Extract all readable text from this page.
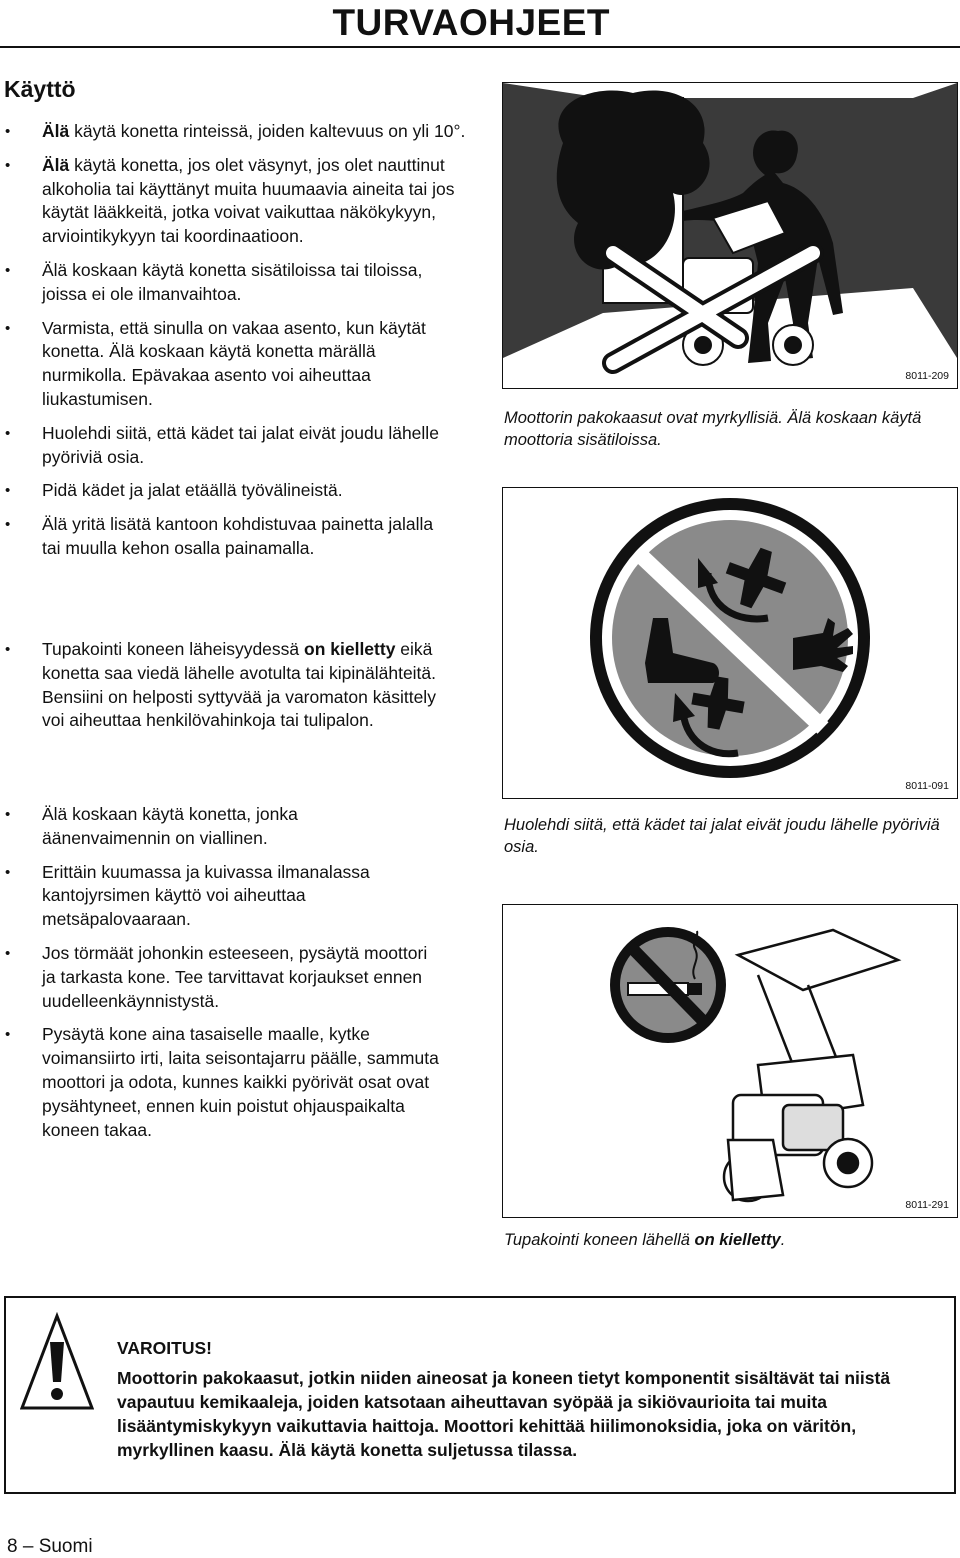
TURVAOHJEET
Käyttö
• Älä käytä konetta rinteissä, joiden kaltevuus on yli 10°.
• Älä käytä konetta, jos olet väsynyt, jos olet nauttinut alkoholia tai käyttänyt muita huumaavia aineita tai jos käytät lääkkeitä, jotka voivat vaikuttaa näkökykyyn, arviointikykyyn tai koordinaatioon.
• Älä koskaan käytä konetta sisätiloissa tai tiloissa, joissa ei ole ilmanvaihtoa.
• Varmista, että sinulla on vakaa asento, kun käytät konetta. Älä koskaan käytä konetta märällä nurmikolla. Epävakaa asento voi aiheuttaa liukastumisen.
• Huolehdi siitä, että kädet tai jalat eivät joudu lähelle pyöriviä osia.
• Pidä kädet ja jalat etäällä työvälineistä.
• Älä yritä lisätä kantoon kohdistuvaa painetta jalalla tai muulla kehon osalla painamalla.
• Tupakointi koneen läheisyydessä on kielletty eikä konetta saa viedä lähelle avotulta tai kipinälähteitä. Bensiini on helposti syttyvää ja varomaton käsittely voi aiheuttaa henkilövahinkoja tai tulipalon.
• Älä koskaan käytä konetta, jonka äänenvaimennin on viallinen.
• Erittäin kuumassa ja kuivassa ilmanalassa kantojyrsimen käyttö voi aiheuttaa metsäpalovaaraan.
• Jos törmäät johonkin esteeseen, pysäytä moottori ja tarkasta kone. Tee tarvittavat korjaukset ennen uudelleenkäynnistystä.
• Pysäytä kone aina tasaiselle maalle, kytke voimansiirto irti, laita seisontajarru päälle, sammuta moottori ja odota, kunnes kaikki pyörivät osat ovat pysähtyneet, ennen kuin poistut ohjauspaikalta koneen takaa.
8011-209
Moottorin pakokaasut ovat myrkyllisiä. Älä koskaan käytä moottoria sisätiloissa.
8011-091
Huolehdi siitä, että kädet tai jalat eivät joudu lähelle pyöriviä osia.
8011-291
Tupakointi koneen lähellä on kielletty.
VAROITUS!
Moottorin pakokaasut, jotkin niiden aineosat ja koneen tietyt komponentit sisältävät tai niistä vapautuu kemikaaleja, joiden katsotaan aiheuttavan syöpää ja sikiövaurioita tai muita lisääntymiskykyyn vaikuttavia haittoja. Moottori kehittää hiilimonoksidia, joka on väritön, myrkyllinen kaasu. Älä käytä konetta suljetussa tilassa.
8 – Suomi
